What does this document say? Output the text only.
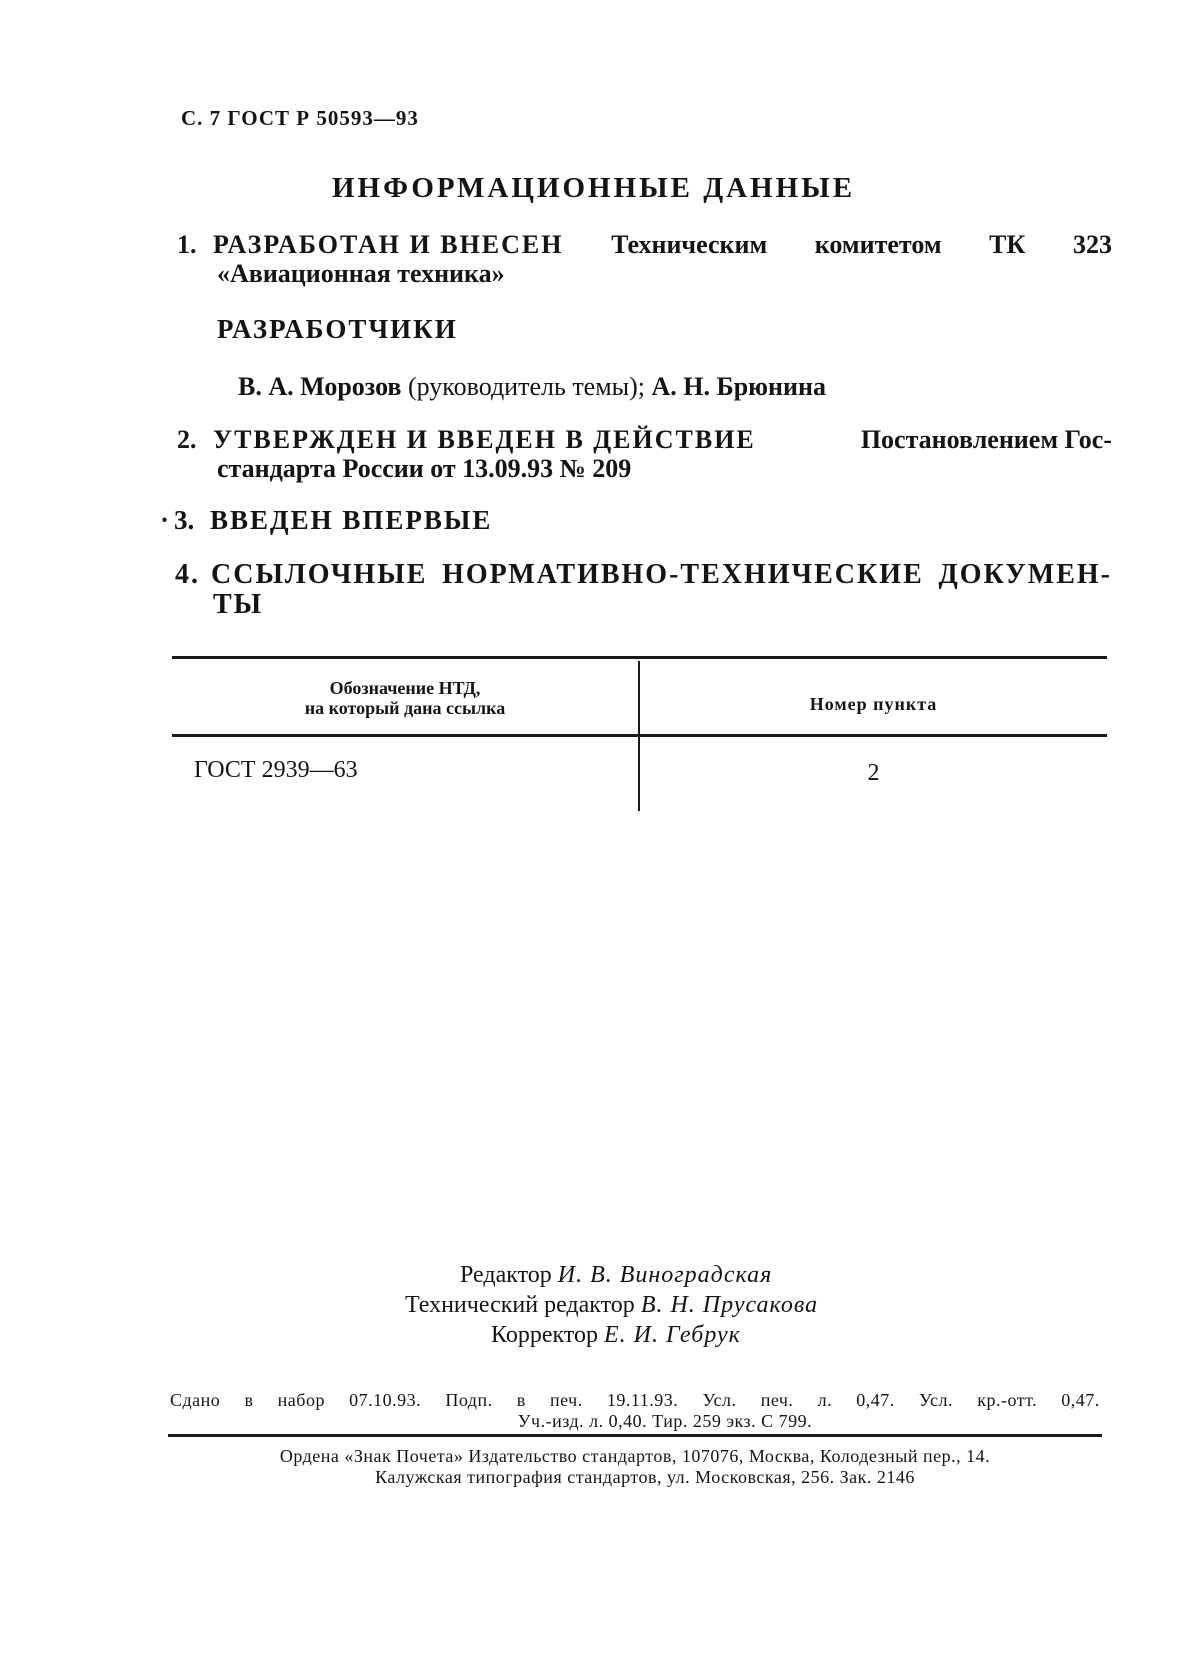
С. 7 ГОСТ Р 50593—93
ИНФОРМАЦИОННЫЕ ДАННЫЕ
1. РАЗРАБОТАН И ВНЕСЕН Техническим комитетом ТК 323
«Авиационная техника»
РАЗРАБОТЧИКИ
В. А. Морозов (руководитель темы); А. Н. Брюнина
2. УТВЕРЖДЕН И ВВЕДЕН В ДЕЙСТВИЕ	Постановлением Гос-
стандарта России от 13.09.93 № 209
· 3. ВВЕДЕН ВПЕРВЫЕ
4. ССЫЛОЧНЫЕ НОРМАТИВНО-ТЕХНИЧЕСКИЕ ДОКУМЕН-
ТЫ
Обозначение НТД,
на который дана ссылка	Номер пункта
ГОСТ 2939—63	2
Редактор И. В. Виноградская
Технический редактор В. Н. Прусакова
Корректор Е. И. Гебрук
Сдано в набор 07.10.93. Подп. в печ. 19.11.93. Усл. печ. л. 0,47. Усл. кр.-отт. 0,47.
Уч.-изд. л. 0,40. Тир. 259 экз. С 799.
Ордена «Знак Почета» Издательство стандартов, 107076, Москва, Колодезный пер., 14.
Калужская типография стандартов, ул. Московская, 256. Зак. 2146
